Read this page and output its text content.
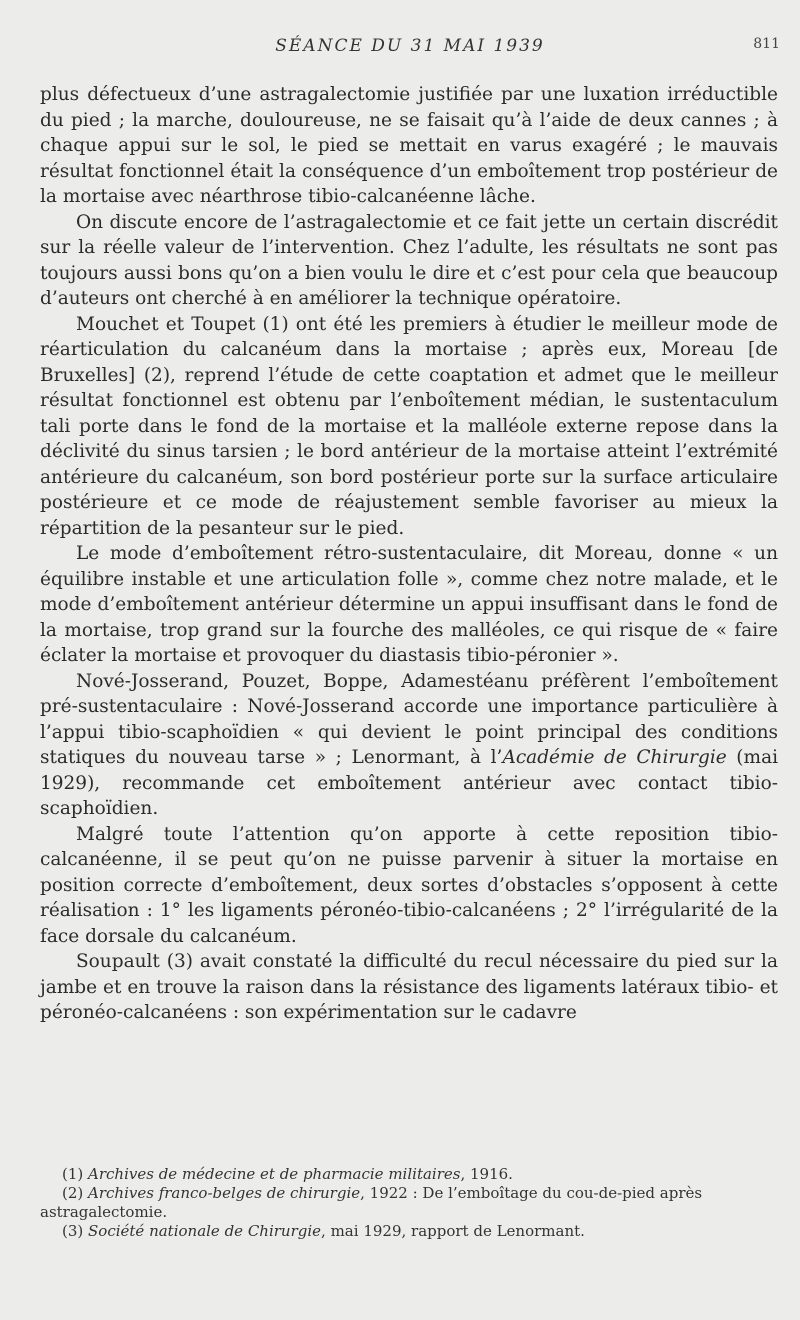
SÉANCE DU 31 MAI 1939	811

plus défectueux d’une astragalectomie justifiée par une luxation irréductible du pied ; la marche, douloureuse, ne se faisait qu’à l’aide de deux cannes ; à chaque appui sur le sol, le pied se mettait en varus exagéré ; le mauvais résultat fonctionnel était la conséquence d’un emboîtement trop postérieur de la mortaise avec néarthrose tibio-calcanéenne lâche.

On discute encore de l’astragalectomie et ce fait jette un certain discrédit sur la réelle valeur de l’intervention. Chez l’adulte, les résultats ne sont pas toujours aussi bons qu’on a bien voulu le dire et c’est pour cela que beaucoup d’auteurs ont cherché à en améliorer la technique opératoire.

Mouchet et Toupet (1) ont été les premiers à étudier le meilleur mode de réarticulation du calcanéum dans la mortaise ; après eux, Moreau [de Bruxelles] (2), reprend l’étude de cette coaptation et admet que le meilleur résultat fonctionnel est obtenu par l’enboîtement médian, le sustentaculum tali porte dans le fond de la mortaise et la malléole externe repose dans la déclivité du sinus tarsien ; le bord antérieur de la mortaise atteint l’extrémité antérieure du calcanéum, son bord postérieur porte sur la surface articulaire postérieure et ce mode de réajustement semble favoriser au mieux la répartition de la pesanteur sur le pied.

Le mode d’emboîtement rétro-sustentaculaire, dit Moreau, donne « un équilibre instable et une articulation folle », comme chez notre malade, et le mode d’emboîtement antérieur détermine un appui insuffisant dans le fond de la mortaise, trop grand sur la fourche des malléoles, ce qui risque de « faire éclater la mortaise et provoquer du diastasis tibio-péronier ».

Nové-Josserand, Pouzet, Boppe, Adamestéanu préfèrent l’emboîtement pré-sustentaculaire : Nové-Josserand accorde une importance particulière à l’appui tibio-scaphoïdien « qui devient le point principal des conditions statiques du nouveau tarse » ; Lenormant, à l’Académie de Chirurgie (mai 1929), recommande cet emboîtement antérieur avec contact tibio-scaphoïdien.

Malgré toute l’attention qu’on apporte à cette reposition tibio-calcanéenne, il se peut qu’on ne puisse parvenir à situer la mortaise en position correcte d’emboîtement, deux sortes d’obstacles s’opposent à cette réalisation : 1° les ligaments péronéo-tibio-calcanéens ; 2° l’irrégularité de la face dorsale du calcanéum.

Soupault (3) avait constaté la difficulté du recul nécessaire du pied sur la jambe et en trouve la raison dans la résistance des ligaments latéraux tibio- et péronéo-calcanéens : son expérimentation sur le cadavre

(1) Archives de médecine et de pharmacie militaires, 1916.

(2) Archives franco-belges de chirurgie, 1922 : De l’emboîtage du cou-de-pied après astragalectomie.

(3) Société nationale de Chirurgie, mai 1929, rapport de Lenormant.
